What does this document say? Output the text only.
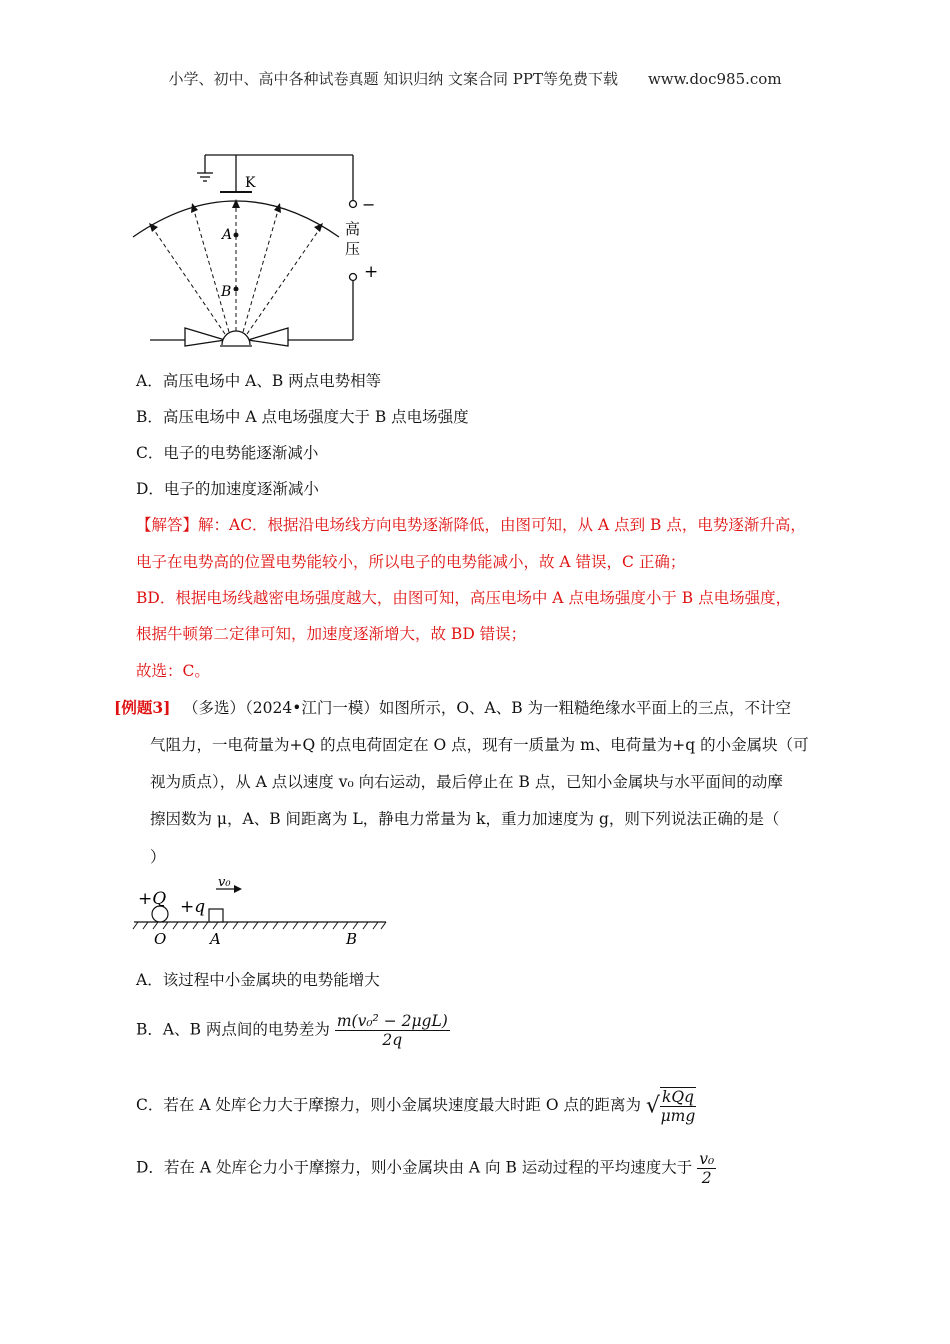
小学、初中、高中各种试卷真题 知识归纳 文案合同 PPT等免费下载 www.doc985.com
K
−
高
压
+
A
B
A．高压电场中 A、B 两点电势相等
B．高压电场中 A 点电场强度大于 B 点电场强度
C．电子的电势能逐渐减小
D．电子的加速度逐渐减小
【解答】解：AC．根据沿电场线方向电势逐渐降低，由图可知，从 A 点到 B 点，电势逐渐升高，
电子在电势高的位置电势能较小，所以电子的电势能减小，故 A 错误，C 正确；
BD．根据电场线越密电场强度越大，由图可知，高压电场中 A 点电场强度小于 B 点电场强度，
根据牛顿第二定律可知，加速度逐渐增大，故 BD 错误；
故选：C。
[例题3] （多选）（2024•江门一模）如图所示，O、A、B 为一粗糙绝缘水平面上的三点，不计空
气阻力，一电荷量为+Q 的点电荷固定在 O 点，现有一质量为 m、电荷量为+q 的小金属块（可
视为质点），从 A 点以速度 v₀ 向右运动，最后停止在 B 点，已知小金属块与水平面间的动摩
擦因数为 μ，A、B 间距离为 L，静电力常量为 k，重力加速度为 g，则下列说法正确的是（
）
+Q +q
v₀
O	A	B
A．该过程中小金属块的电势能增大
B．A、B 两点间的电势差为 $\frac{\text{m(v₀² − 2μgL)}}{2q}$
C．若在 A 处库仑力大于摩擦力，则小金属块速度最大时距 O 点的距离为 √ $\frac{\text{kQq}}{\text{μmg}}$
D．若在 A 处库仑力小于摩擦力，则小金属块由 A 向 B 运动过程的平均速度大于 $\frac{\text{v₀}}{2}$
